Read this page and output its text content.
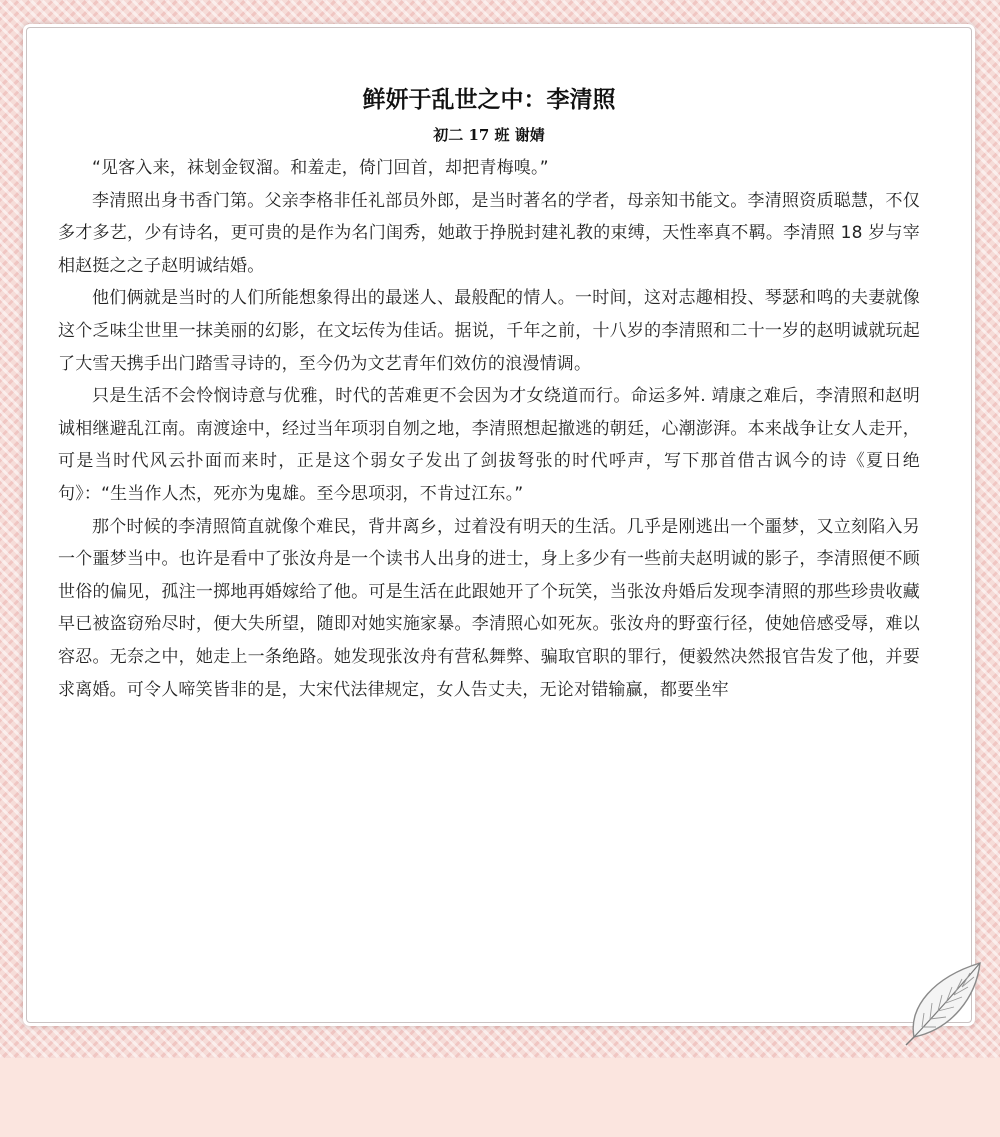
鲜妍于乱世之中：李清照
初二 17 班 谢婧

“见客入来，袜刬金钗溜。和羞走，倚门回首，却把青梅嗅。”

李清照出身书香门第。父亲李格非任礼部员外郎，是当时著名的学者，母亲知书能文。李清照资质聪慧，不仅多才多艺，少有诗名，更可贵的是作为名门闺秀，她敢于挣脱封建礼教的束缚，天性率真不羁。李清照 18 岁与宰相赵挺之之子赵明诚结婚。

他们俩就是当时的人们所能想象得出的最迷人、最般配的情人。一时间，这对志趣相投、琴瑟和鸣的夫妻就像这个乏味尘世里一抹美丽的幻影，在文坛传为佳话。据说，千年之前，十八岁的李清照和二十一岁的赵明诚就玩起了大雪天携手出门踏雪寻诗的，至今仍为文艺青年们效仿的浪漫情调。

只是生活不会怜悯诗意与优雅，时代的苦难更不会因为才女绕道而行。命运多舛. 靖康之难后，李清照和赵明诚相继避乱江南。南渡途中，经过当年项羽自刎之地，李清照想起撤逃的朝廷，心潮澎湃。本来战争让女人走开，可是当时代风云扑面而来时，正是这个弱女子发出了剑拔弩张的时代呼声，写下那首借古讽今的诗《夏日绝句》：“生当作人杰，死亦为鬼雄。至今思项羽，不肯过江东。”

那个时候的李清照简直就像个难民，背井离乡，过着没有明天的生活。几乎是刚逃出一个噩梦，又立刻陷入另一个噩梦当中。也许是看中了张汝舟是一个读书人出身的进士，身上多少有一些前夫赵明诚的影子，李清照便不顾世俗的偏见，孤注一掷地再婚嫁给了他。可是生活在此跟她开了个玩笑，当张汝舟婚后发现李清照的那些珍贵收藏早已被盗窃殆尽时，便大失所望，随即对她实施家暴。李清照心如死灰。张汝舟的野蛮行径，使她倍感受辱，难以容忍。无奈之中，她走上一条绝路。她发现张汝舟有营私舞弊、骗取官职的罪行，便毅然决然报官告发了他，并要求离婚。可令人啼笑皆非的是，大宋代法律规定，女人告丈夫，无论对错输赢，都要坐牢
